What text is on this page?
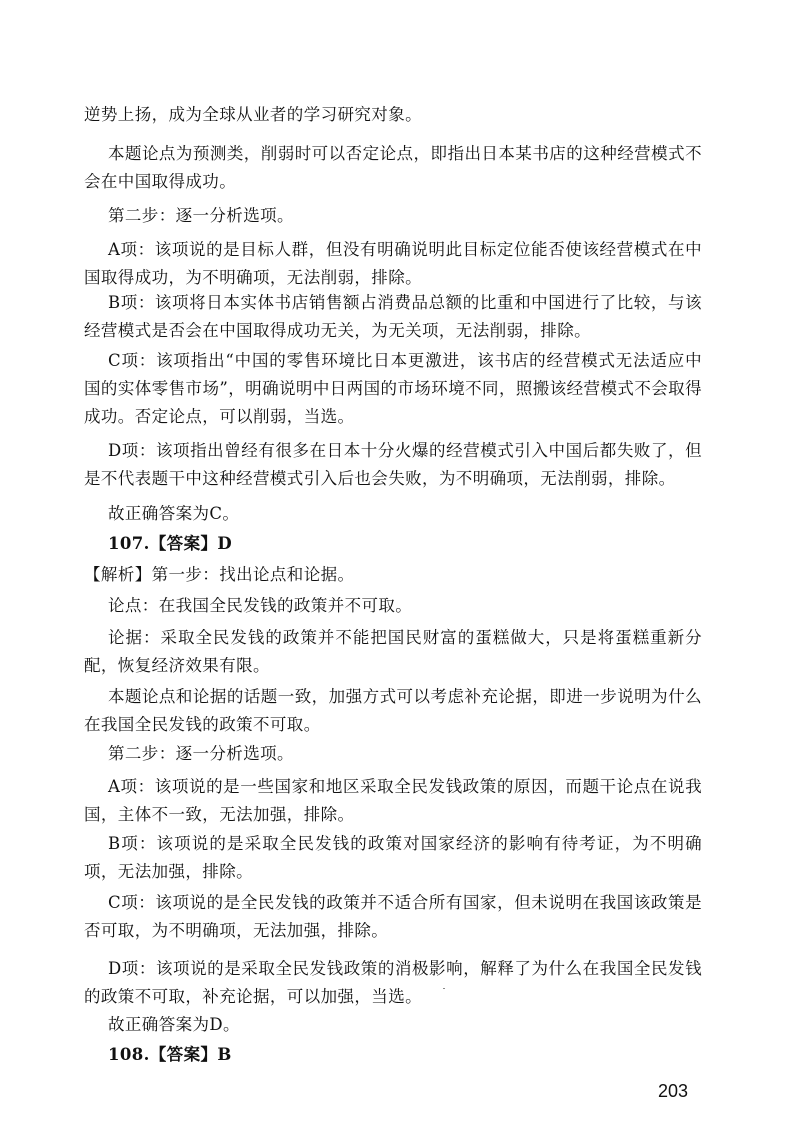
逆势上扬，成为全球从业者的学习研究对象。

本题论点为预测类，削弱时可以否定论点，即指出日本某书店的这种经营模式不会在中国取得成功。

第二步：逐一分析选项。

A项：该项说的是目标人群，但没有明确说明此目标定位能否使该经营模式在中国取得成功，为不明确项，无法削弱，排除。

B项：该项将日本实体书店销售额占消费品总额的比重和中国进行了比较，与该经营模式是否会在中国取得成功无关，为无关项，无法削弱，排除。

C项：该项指出“中国的零售环境比日本更激进，该书店的经营模式无法适应中国的实体零售市场”，明确说明中日两国的市场环境不同，照搬该经营模式不会取得成功。否定论点，可以削弱，当选。

D项：该项指出曾经有很多在日本十分火爆的经营模式引入中国后都失败了，但是不代表题干中这种经营模式引入后也会失败，为不明确项，无法削弱，排除。

故正确答案为C。

107.【答案】D

【解析】第一步：找出论点和论据。

论点：在我国全民发钱的政策并不可取。

论据：采取全民发钱的政策并不能把国民财富的蛋糕做大，只是将蛋糕重新分配，恢复经济效果有限。

本题论点和论据的话题一致，加强方式可以考虑补充论据，即进一步说明为什么在我国全民发钱的政策不可取。

第二步：逐一分析选项。

A项：该项说的是一些国家和地区采取全民发钱政策的原因，而题干论点在说我国，主体不一致，无法加强，排除。

B项：该项说的是采取全民发钱的政策对国家经济的影响有待考证，为不明确项，无法加强，排除。

C项：该项说的是全民发钱的政策并不适合所有国家，但未说明在我国该政策是否可取，为不明确项，无法加强，排除。

D项：该项说的是采取全民发钱政策的消极影响，解释了为什么在我国全民发钱的政策不可取，补充论据，可以加强，当选。

故正确答案为D。

108.【答案】B

203
